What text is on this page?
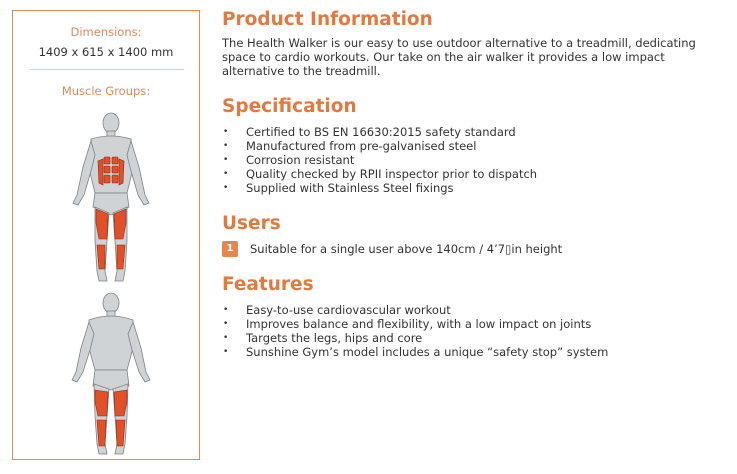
Dimensions:
1409 x 615 x 1400 mm
Muscle Groups:
Product Information

The Health Walker is our easy to use outdoor alternative to a treadmill, dedicating space to cardio workouts. Our take on the air walker it provides a low impact alternative to the treadmill.

Specification
• Certified to BS EN 16630:2015 safety standard
• Manufactured from pre-galvanised steel
• Corrosion resistant
• Quality checked by RPII inspector prior to dispatch
• Supplied with Stainless Steel fixings
Users
1	Suitable for a single user above 140cm / 4’7▯in height
Features
• Easy-to-use cardiovascular workout
• Improves balance and flexibility, with a low impact on joints
• Targets the legs, hips and core
• Sunshine Gym’s model includes a unique “safety stop” system
